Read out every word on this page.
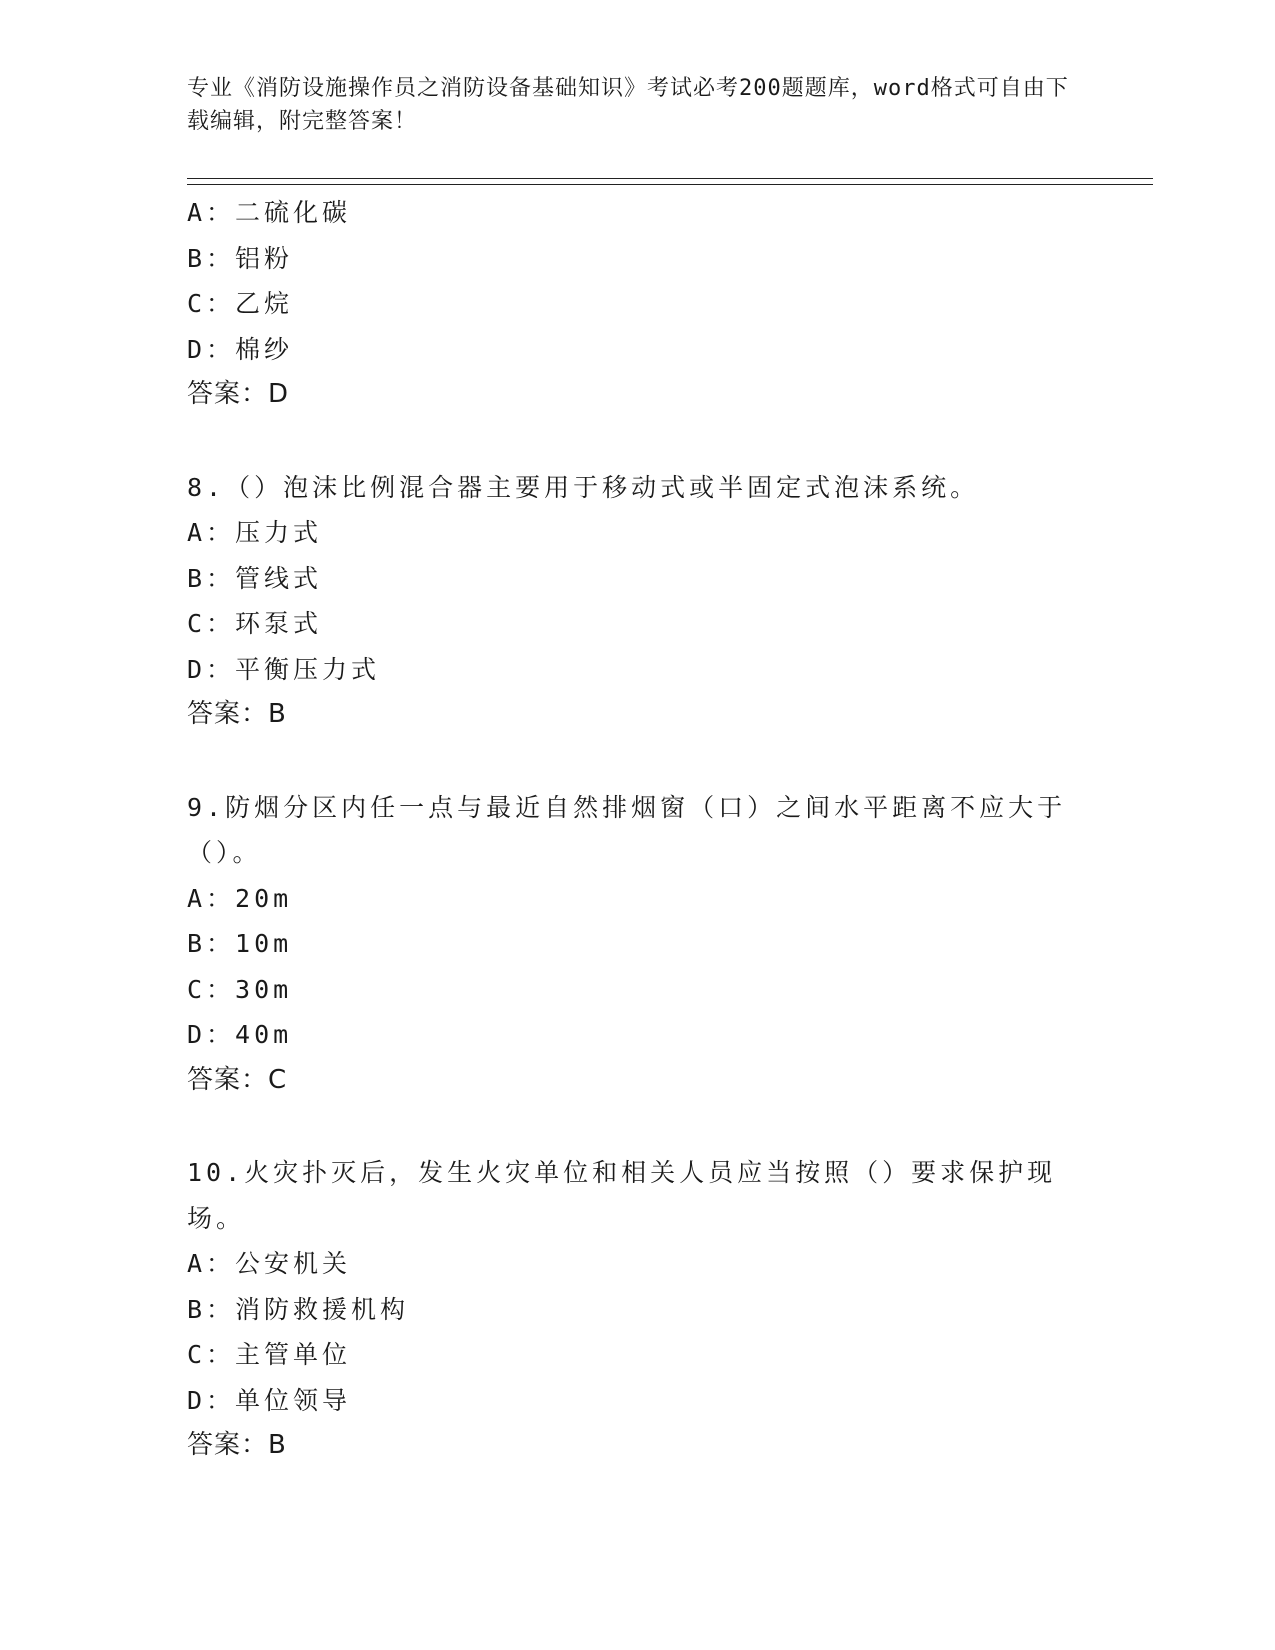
专业《消防设施操作员之消防设备基础知识》考试必考200题题库，word格式可自由下载编辑，附完整答案！

A：二硫化碳

B：铝粉

C：乙烷

D：棉纱

答案：D

8.（）泡沫比例混合器主要用于移动式或半固定式泡沫系统。

A：压力式

B：管线式

C：环泵式

D：平衡压力式

答案：B

9.防烟分区内任一点与最近自然排烟窗（口）之间水平距离不应大于（）。

A：20m

B：10m

C：30m

D：40m

答案：C

10.火灾扑灭后，发生火灾单位和相关人员应当按照（）要求保护现场。

A：公安机关

B：消防救援机构

C：主管单位

D：单位领导

答案：B
